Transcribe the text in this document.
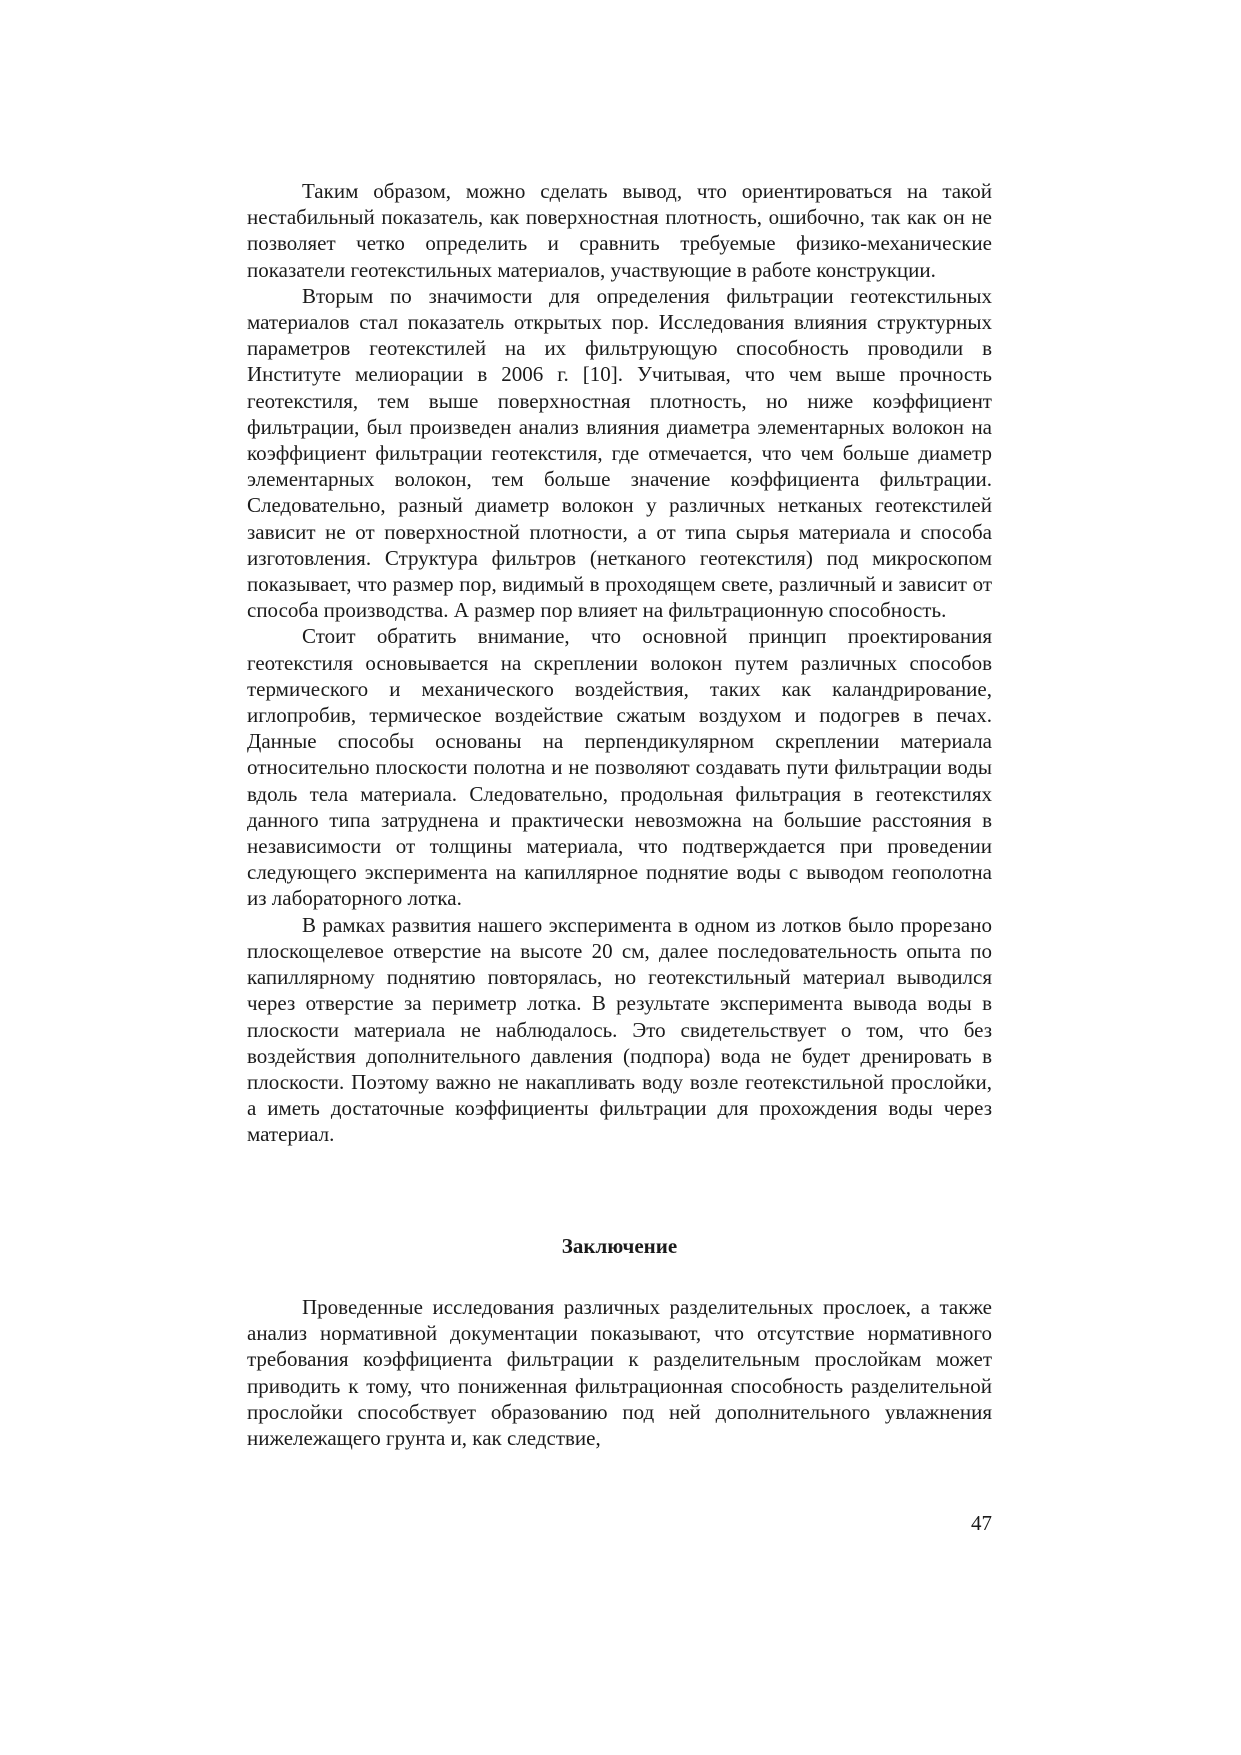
Таким образом, можно сделать вывод, что ориентироваться на такой нестабильный показатель, как поверхностная плотность, ошибочно, так как он не позволяет четко определить и сравнить требуемые физико-механические показатели геотекстильных материалов, участвующие в работе конструкции.

Вторым по значимости для определения фильтрации геотекстильных материалов стал показатель открытых пор. Исследования влияния структурных параметров геотекстилей на их фильтрующую способность проводили в Институте мелиорации в 2006 г. [10]. Учитывая, что чем выше прочность геотекстиля, тем выше поверхностная плотность, но ниже коэффициент фильтрации, был произведен анализ влияния диаметра элементарных волокон на коэффициент фильтрации геотекстиля, где отмечается, что чем больше диаметр элементарных волокон, тем больше значение коэффициента фильтрации. Следовательно, разный диаметр волокон у различных нетканых геотекстилей зависит не от поверхностной плотности, а от типа сырья материала и способа изготовления. Структура фильтров (нетканого геотекстиля) под микроскопом показывает, что размер пор, видимый в проходящем свете, различный и зависит от способа производства. А размер пор влияет на фильтрационную способность.

Стоит обратить внимание, что основной принцип проектирования геотекстиля основывается на скреплении волокон путем различных способов термического и механического воздействия, таких как каландрирование, иглопробив, термическое воздействие сжатым воздухом и подогрев в печах. Данные способы основаны на перпендикулярном скреплении материала относительно плоскости полотна и не позволяют создавать пути фильтрации воды вдоль тела материала. Следовательно, продольная фильтрация в геотекстилях данного типа затруднена и практически невозможна на большие расстояния в независимости от толщины материала, что подтверждается при проведении следующего эксперимента на капиллярное поднятие воды с выводом геополотна из лабораторного лотка.

В рамках развития нашего эксперимента в одном из лотков было прорезано плоскощелевое отверстие на высоте 20 см, далее последовательность опыта по капиллярному поднятию повторялась, но геотекстильный материал выводился через отверстие за периметр лотка. В результате эксперимента вывода воды в плоскости материала не наблюдалось. Это свидетельствует о том, что без воздействия дополнительного давления (подпора) вода не будет дренировать в плоскости. Поэтому важно не накапливать воду возле геотекстильной прослойки, а иметь достаточные коэффициенты фильтрации для прохождения воды через материал.

Заключение

Проведенные исследования различных разделительных прослоек, а также анализ нормативной документации показывают, что отсутствие нормативного требования коэффициента фильтрации к разделительным прослойкам может приводить к тому, что пониженная фильтрационная способность разделительной прослойки способствует образованию под ней дополнительного увлажнения нижележащего грунта и, как следствие,

47
